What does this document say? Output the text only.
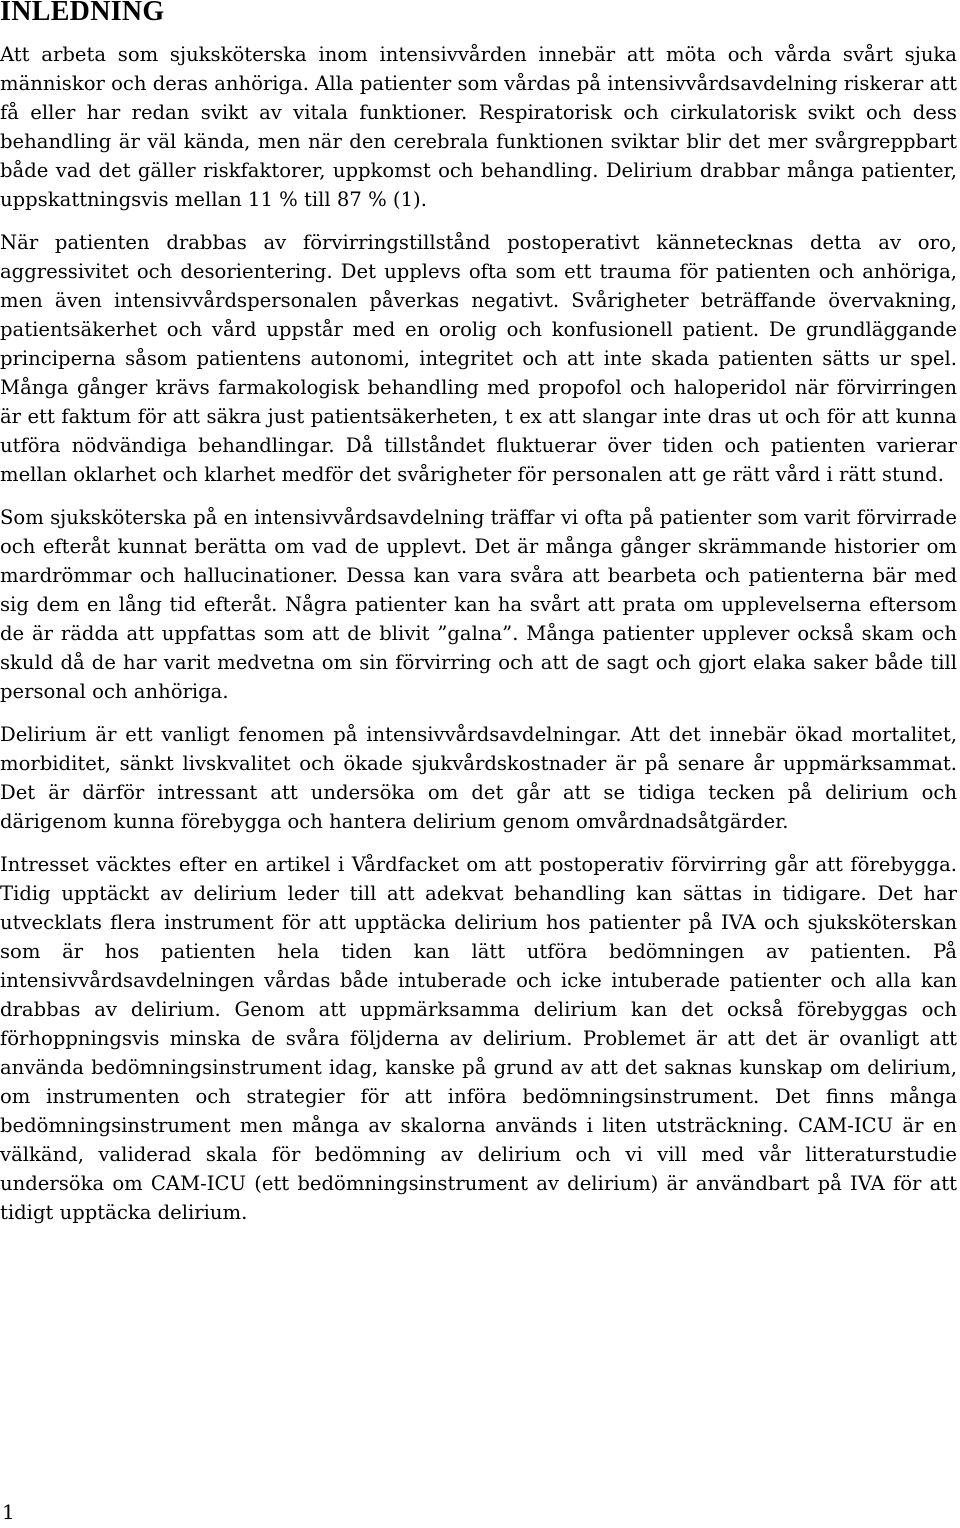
INLEDNING

Att arbeta som sjuksköterska inom intensivvården innebär att möta och vårda svårt sjuka människor och deras anhöriga. Alla patienter som vårdas på intensivvårdsavdelning riskerar att få eller har redan svikt av vitala funktioner. Respiratorisk och cirkulatorisk svikt och dess behandling är väl kända, men när den cerebrala funktionen sviktar blir det mer svårgreppbart både vad det gäller riskfaktorer, uppkomst och behandling. Delirium drabbar många patienter, uppskattningsvis mellan 11 % till 87 % (1).

När patienten drabbas av förvirringstillstånd postoperativt kännetecknas detta av oro, aggressivitet och desorientering. Det upplevs ofta som ett trauma för patienten och anhöriga, men även intensivvårdspersonalen påverkas negativt. Svårigheter beträffande övervakning, patientsäkerhet och vård uppstår med en orolig och konfusionell patient. De grundläggande principerna såsom patientens autonomi, integritet och att inte skada patienten sätts ur spel. Många gånger krävs farmakologisk behandling med propofol och haloperidol när förvirringen är ett faktum för att säkra just patientsäkerheten, t ex att slangar inte dras ut och för att kunna utföra nödvändiga behandlingar. Då tillståndet fluktuerar över tiden och patienten varierar mellan oklarhet och klarhet medför det svårigheter för personalen att ge rätt vård i rätt stund.

Som sjuksköterska på en intensivvårdsavdelning träffar vi ofta på patienter som varit förvirrade och efteråt kunnat berätta om vad de upplevt. Det är många gånger skrämmande historier om mardrömmar och hallucinationer. Dessa kan vara svåra att bearbeta och patienterna bär med sig dem en lång tid efteråt. Några patienter kan ha svårt att prata om upplevelserna eftersom de är rädda att uppfattas som att de blivit ”galna”. Många patienter upplever också skam och skuld då de har varit medvetna om sin förvirring och att de sagt och gjort elaka saker både till personal och anhöriga.

Delirium är ett vanligt fenomen på intensivvårdsavdelningar. Att det innebär ökad mortalitet, morbiditet, sänkt livskvalitet och ökade sjukvårdskostnader är på senare år uppmärksammat. Det är därför intressant att undersöka om det går att se tidiga tecken på delirium och därigenom kunna förebygga och hantera delirium genom omvårdnadsåtgärder.

Intresset väcktes efter en artikel i Vårdfacket om att postoperativ förvirring går att förebygga. Tidig upptäckt av delirium leder till att adekvat behandling kan sättas in tidigare. Det har utvecklats flera instrument för att upptäcka delirium hos patienter på IVA och sjuksköterskan som är hos patienten hela tiden kan lätt utföra bedömningen av patienten. På intensivvårdsavdelningen vårdas både intuberade och icke intuberade patienter och alla kan drabbas av delirium. Genom att uppmärksamma delirium kan det också förebyggas och förhoppningsvis minska de svåra följderna av delirium. Problemet är att det är ovanligt att använda bedömningsinstrument idag, kanske på grund av att det saknas kunskap om delirium, om instrumenten och strategier för att införa bedömningsinstrument. Det finns många bedömningsinstrument men många av skalorna används i liten utsträckning. CAM-ICU är en välkänd, validerad skala för bedömning av delirium och vi vill med vår litteraturstudie undersöka om CAM-ICU (ett bedömningsinstrument av delirium) är användbart på IVA för att tidigt upptäcka delirium.

1
